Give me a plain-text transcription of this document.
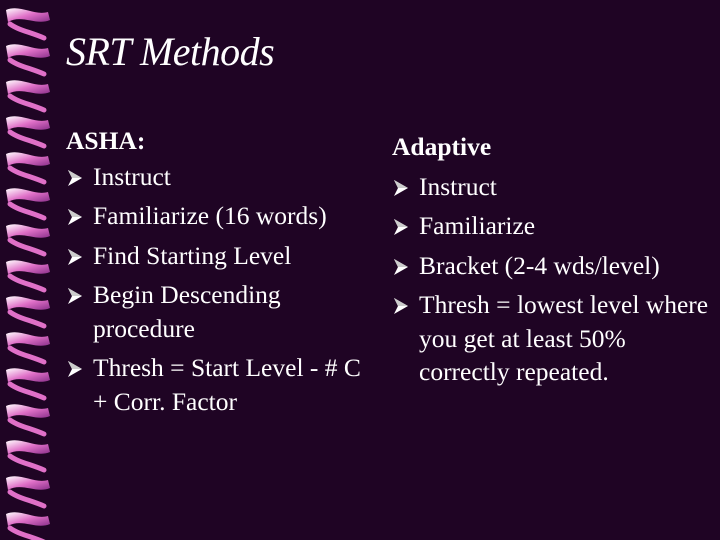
SRT Methods
ASHA:
Instruct
Familiarize (16 words)
Find Starting Level
Begin Descending procedure
Thresh = Start Level - # C + Corr. Factor
Adaptive
Instruct
Familiarize
Bracket (2-4 wds/level)
Thresh = lowest level where you get at least 50% correctly repeated.
